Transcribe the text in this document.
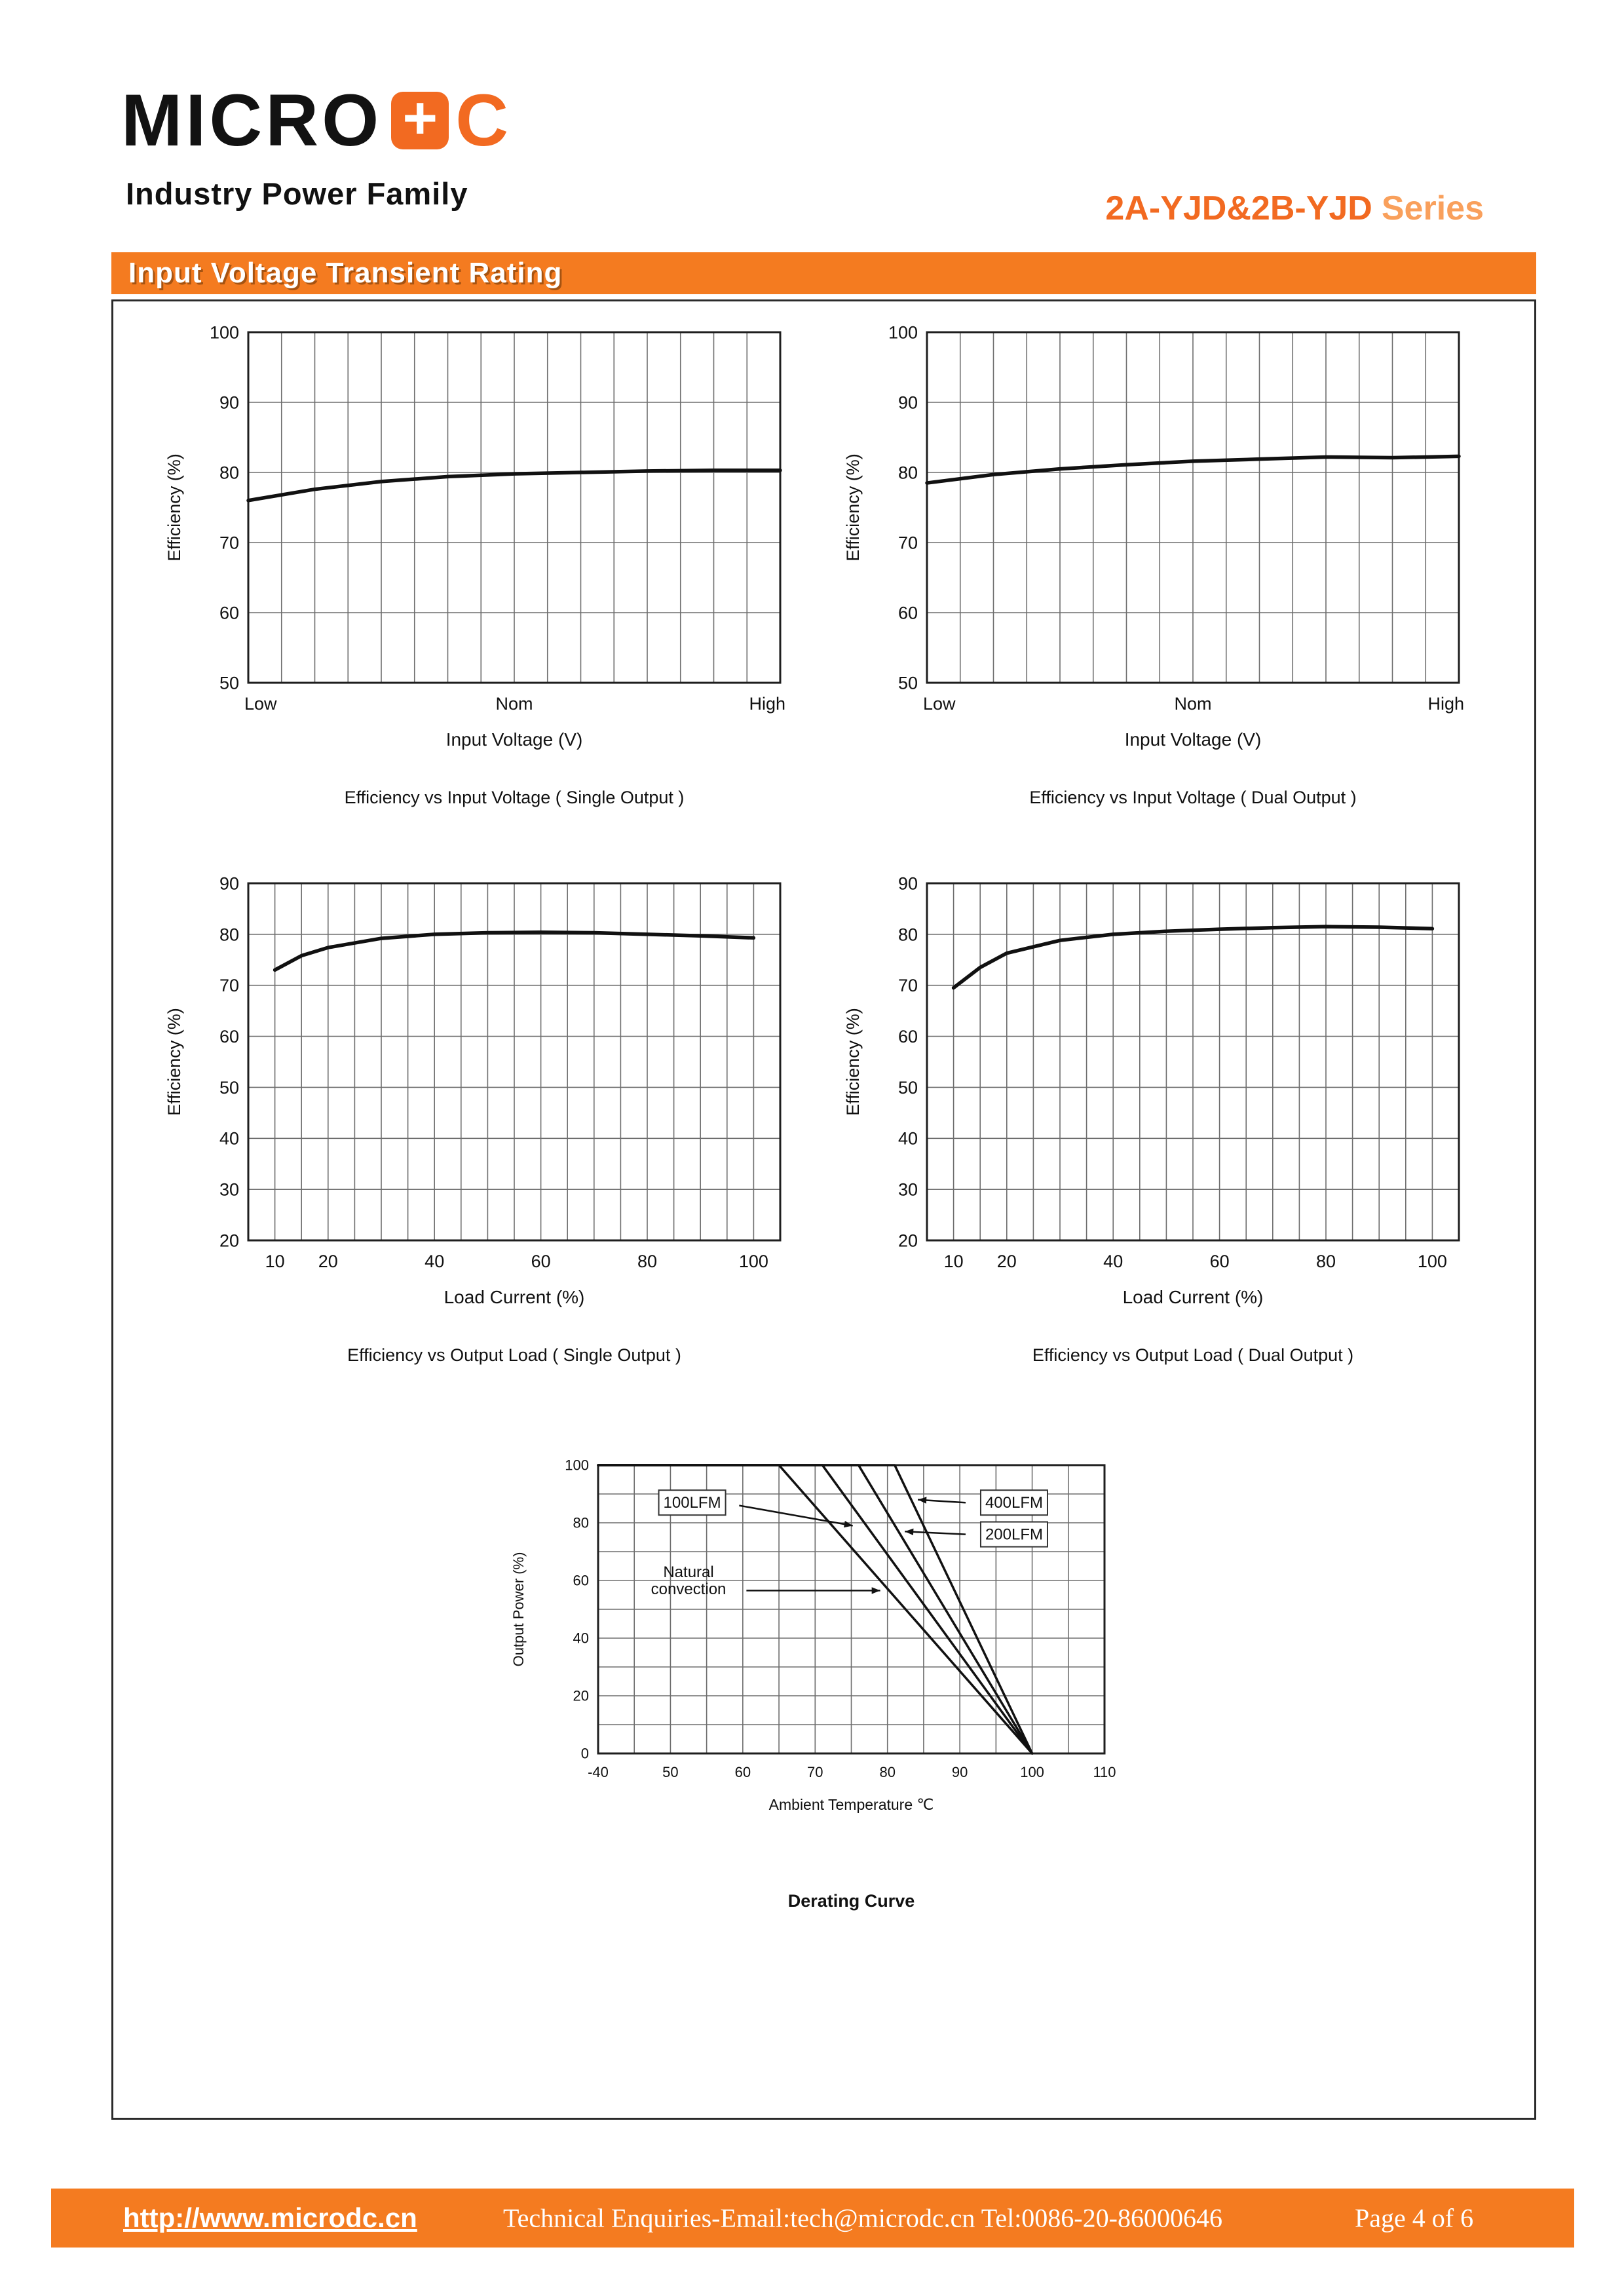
MICRO + C
Industry Power Family	2A-YJD&2B-YJD Series
Input Voltage Transient Rating
50
60
70
80
90
100
Low	Nom	High
Efficiency (%)
Input Voltage (V)
Efficiency vs Input Voltage ( Single Output )
50
60
70
80
90
100
Low	Nom	High
Efficiency (%)
Input Voltage (V)
Efficiency vs Input Voltage ( Dual Output )
20
30
40
50
60
70
80
90
10 20	40	60	80	100
Efficiency (%)
Load Current (%)
Efficiency vs Output Load ( Single Output )
20
30
40
50
60
70
80
90
10 20	40	60	80	100
Efficiency (%)
Load Current (%)
Efficiency vs Output Load ( Dual Output )
0
20
40
60
80
100
-40	50	60	70	80	90	100	110
Output Power (%)
Ambient Temperature ℃
100LFM	400LFM
200LFM
Natural
convection
Derating Curve
http://www.microdc.cn	Technical Enquiries-Email:tech@microdc.cn Tel:0086-20-86000646	Page 4 of 6
